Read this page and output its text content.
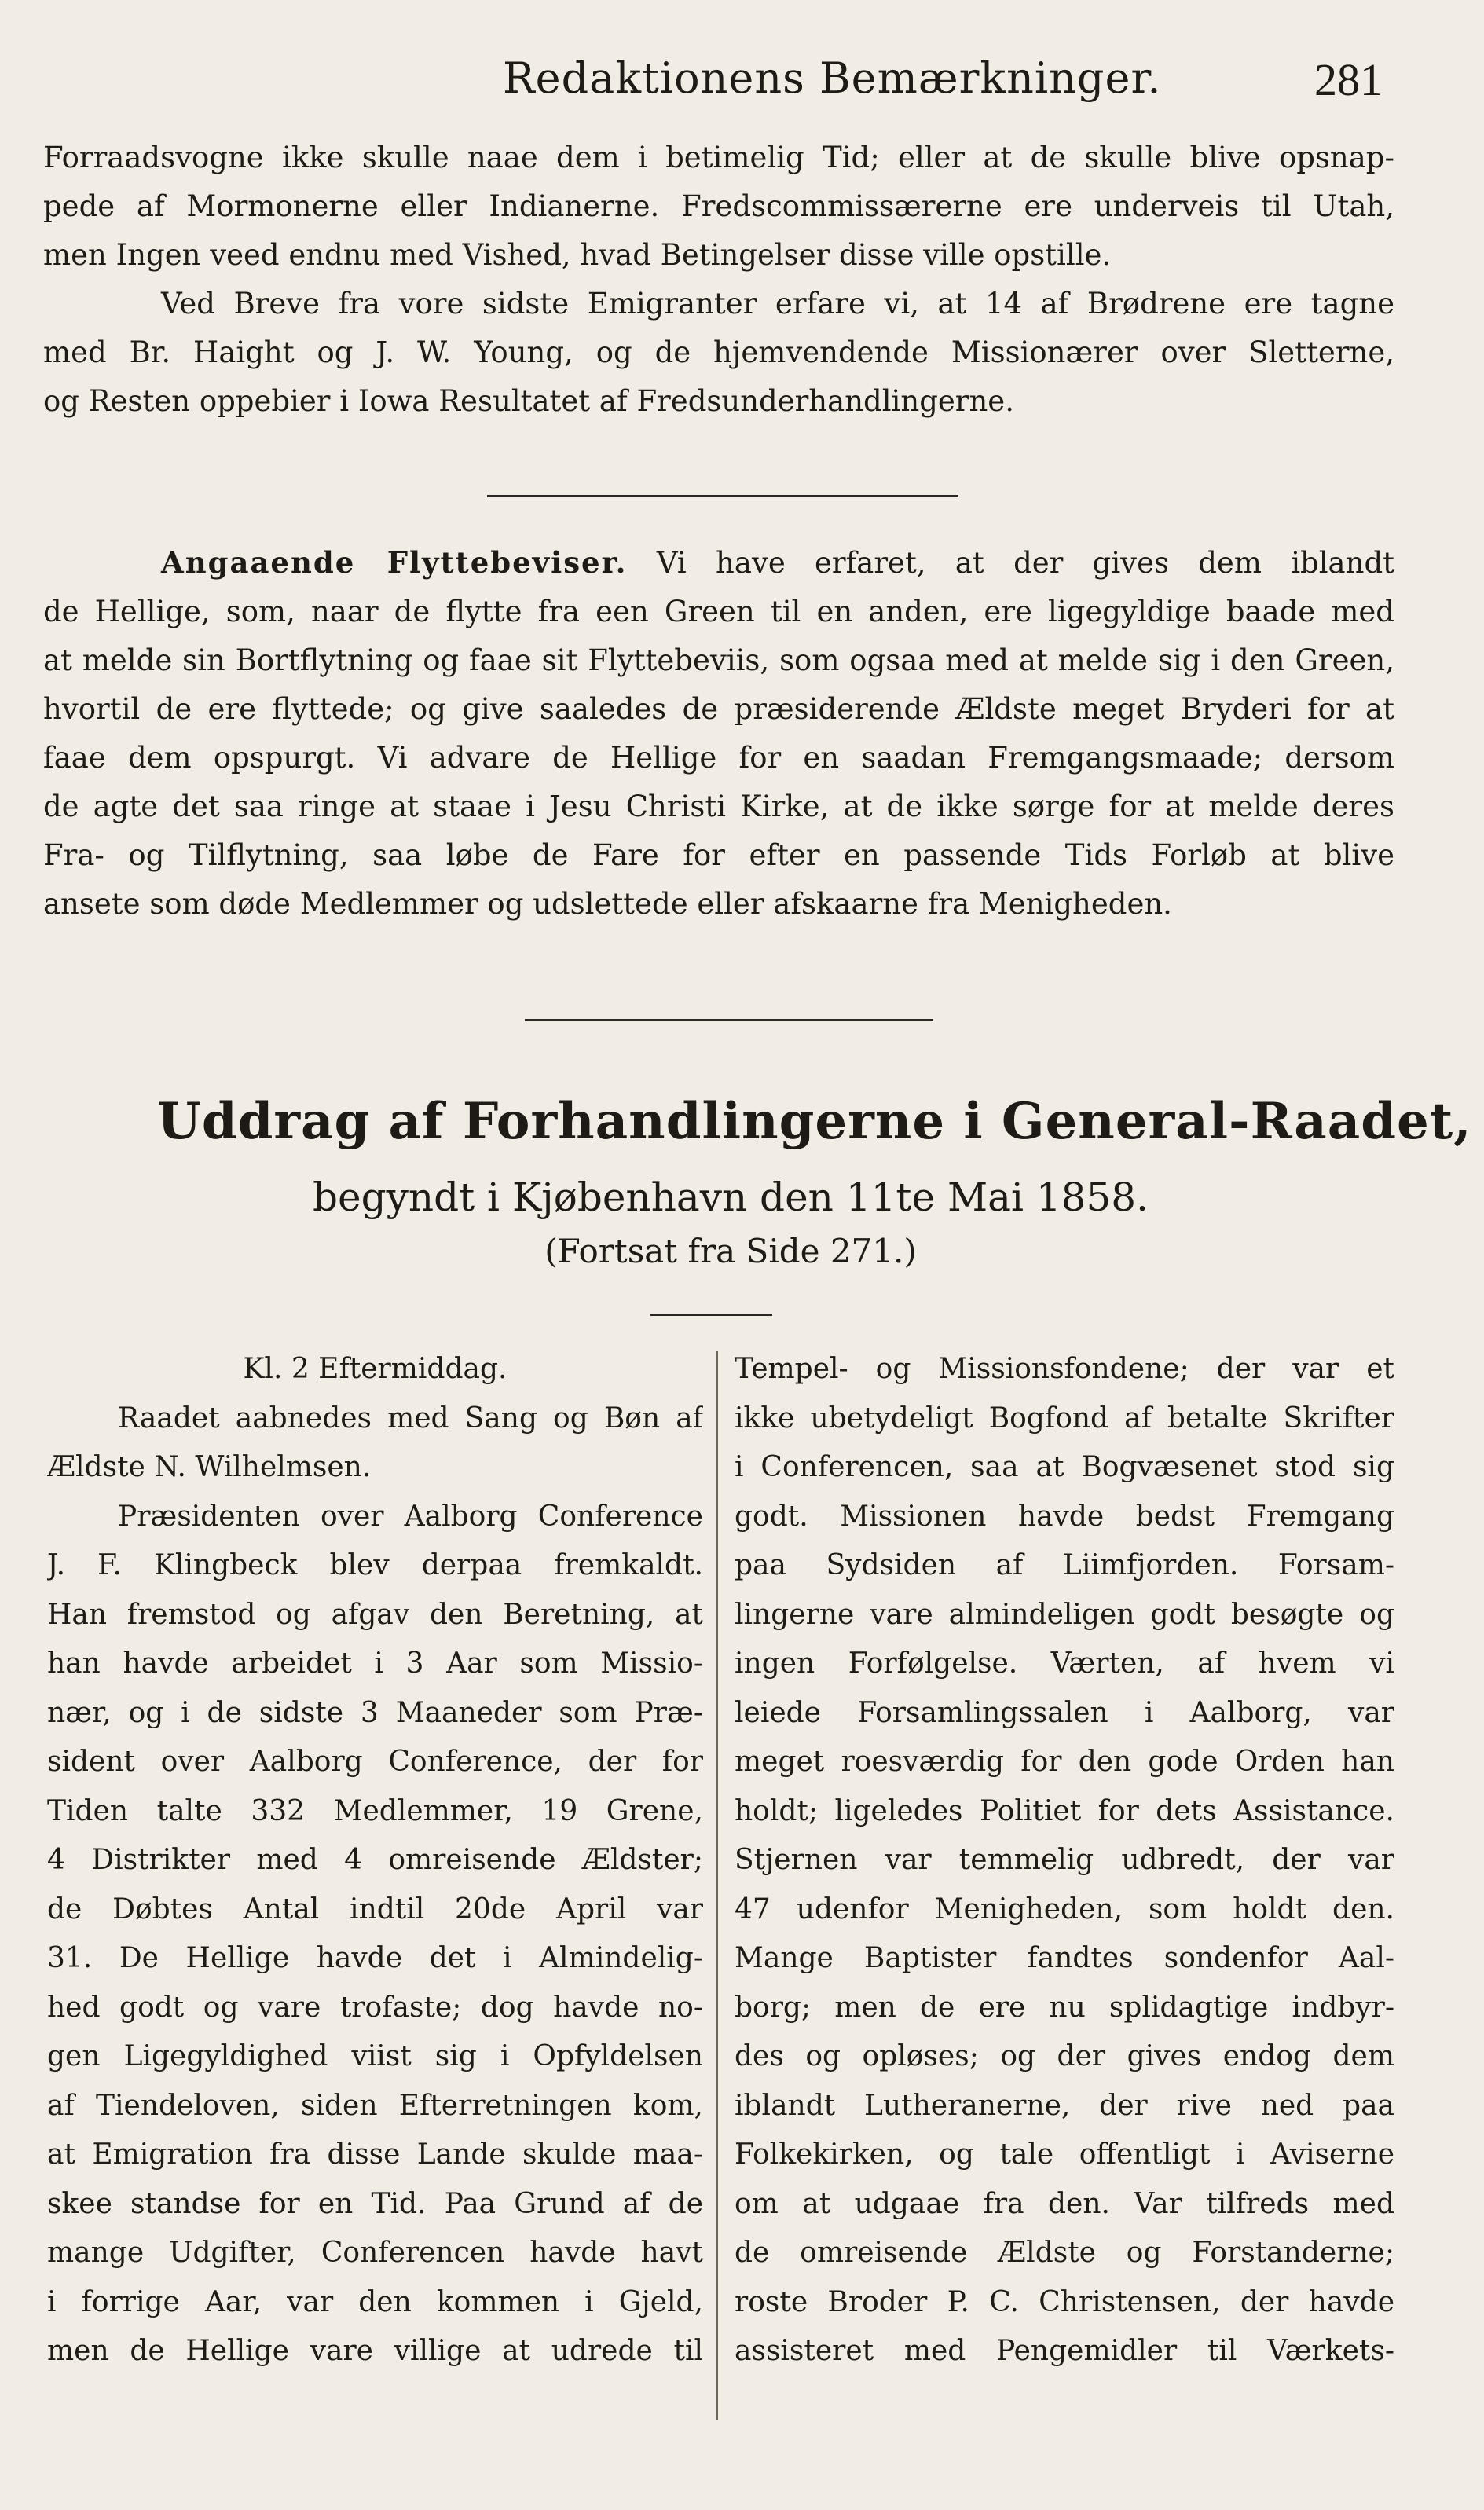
Redaktionens Bemærkninger.	281
Forraadsvogne ikke skulle naae dem i betimelig Tid; eller at de skulle blive opsnap-
pede af Mormonerne eller Indianerne. Fredscommissærerne ere underveis til Utah,
men Ingen veed endnu med Vished, hvad Betingelser disse ville opstille.
Ved Breve fra vore sidste Emigranter erfare vi, at 14 af Brødrene ere tagne
med Br. Haight og J. W. Young, og de hjemvendende Missionærer over Sletterne,
og Resten oppebier i Iowa Resultatet af Fredsunderhandlingerne.
Angaaende Flyttebeviser. Vi have erfaret, at der gives dem iblandt
de Hellige, som, naar de flytte fra een Green til en anden, ere ligegyldige baade med
at melde sin Bortflytning og faae sit Flyttebeviis, som ogsaa med at melde sig i den Green,
hvortil de ere flyttede; og give saaledes de præsiderende Ældste meget Bryderi for at
faae dem opspurgt. Vi advare de Hellige for en saadan Fremgangsmaade; dersom
de agte det saa ringe at staae i Jesu Christi Kirke, at de ikke sørge for at melde deres
Fra- og Tilflytning, saa løbe de Fare for efter en passende Tids Forløb at blive
ansete som døde Medlemmer og udslettede eller afskaarne fra Menigheden.
Uddrag af Forhandlingerne i General-Raadet,
begyndt i Kjøbenhavn den 11te Mai 1858.
(Fortsat fra Side 271.)
Kl. 2 Eftermiddag.
Raadet aabnedes med Sang og Bøn af
Ældste N. Wilhelmsen.
Præsidenten over Aalborg Conference
J. F. Klingbeck blev derpaa fremkaldt.
Han fremstod og afgav den Beretning, at
han havde arbeidet i 3 Aar som Missio-
nær, og i de sidste 3 Maaneder som Præ-
sident over Aalborg Conference, der for
Tiden talte 332 Medlemmer, 19 Grene,
4 Distrikter med 4 omreisende Ældster;
de Døbtes Antal indtil 20de April var
31. De Hellige havde det i Almindelig-
hed godt og vare trofaste; dog havde no-
gen Ligegyldighed viist sig i Opfyldelsen
af Tiendeloven, siden Efterretningen kom,
at Emigration fra disse Lande skulde maa-
skee standse for en Tid. Paa Grund af de
mange Udgifter, Conferencen havde havt
i forrige Aar, var den kommen i Gjeld,
men de Hellige vare villige at udrede til
Tempel- og Missionsfondene; der var et
ikke ubetydeligt Bogfond af betalte Skrifter
i Conferencen, saa at Bogvæsenet stod sig
godt. Missionen havde bedst Fremgang
paa Sydsiden af Liimfjorden. Forsam-
lingerne vare almindeligen godt besøgte og
ingen Forfølgelse. Værten, af hvem vi
leiede Forsamlingssalen i Aalborg, var
meget roesværdig for den gode Orden han
holdt; ligeledes Politiet for dets Assistance.
Stjernen var temmelig udbredt, der var
47 udenfor Menigheden, som holdt den.
Mange Baptister fandtes sondenfor Aal-
borg; men de ere nu splidagtige indbyr-
des og opløses; og der gives endog dem
iblandt Lutheranerne, der rive ned paa
Folkekirken, og tale offentligt i Aviserne
om at udgaae fra den. Var tilfreds med
de omreisende Ældste og Forstanderne;
roste Broder P. C. Christensen, der havde
assisteret med Pengemidler til Værkets-
